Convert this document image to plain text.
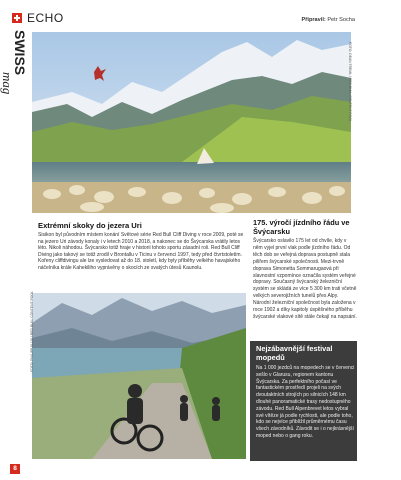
ECHO	Připravil: Petr Socha
SWISS
mag	FOTO: DEAN TREML / RED BULL CONTENT POOL
Extrémní skoky do jezera Uri
Sisikon byl původním místem konání Světové série Red Bull Cliff Diving v roce 2009, poté se na jezero Uri závody konaly i v letech 2010 a 2018, a nakonec se do Švýcarska vrátily letos léto. Nikoli náhodou. Švýcarsko totiž hraje v historii tohoto sportu zásadní roli. Red Bull Cliff Diving jako takový se totiž zrodil v Brontallu v Ticinu v červenci 1997, tedy před čtvrtstoletím. Kořeny cliffdivingu ale lze vysledovat až do 18. století, kdy byly příběhy velkého havajského náčelníka krále Kahekiliho vyprávěny o skocích ze svatých útesů Kaunolu.
175. výročí jízdního řádu ve Švýcarsku
Švýcarsko oslavilo 175 let od chvíle, kdy v něm vyjel první vlak podle jízdního řádu. Od těch dob se veřejná doprava postupně stala pilířem švýcarské společnosti. Mezi-trvně doprava Simonetta Sommarugaová při slavnostní vzpomínce označila systém veřejné dopravy. Současný švýcarský železniční systém se skládá ze více 5 300 km trati včetně velkých severojižních tunelů přes Alpy. Národní železniční společnost byla založena v roce 1902 a díky kapitoly úspěšného příběhu švýcarské vlakové sítě stále čekají na napsání.
FOTO: PHILIPP KLÜS / RED BULL CONTENT POOL	Nejzábavnější festival mopedů
Na 1 000 jezdců na mopedech se v červenci sešlo v Glarusu, regionem kantonu Švýcarska. Za perfektního počasí ve fantastickém prostředí projeli na svých dvoutaktních strojích po silnicích 148 km dlouhé panoramatické trasy nedostupného závodu. Red Bull Alpenbrevet letos vybral své vítěze já podle rychlosti, ale podle toho, kdo se nejvíce přiblížil průměrnému času všech závodníků. Závodit se i o nejkrásnější moped nebo o gang roku.
8
